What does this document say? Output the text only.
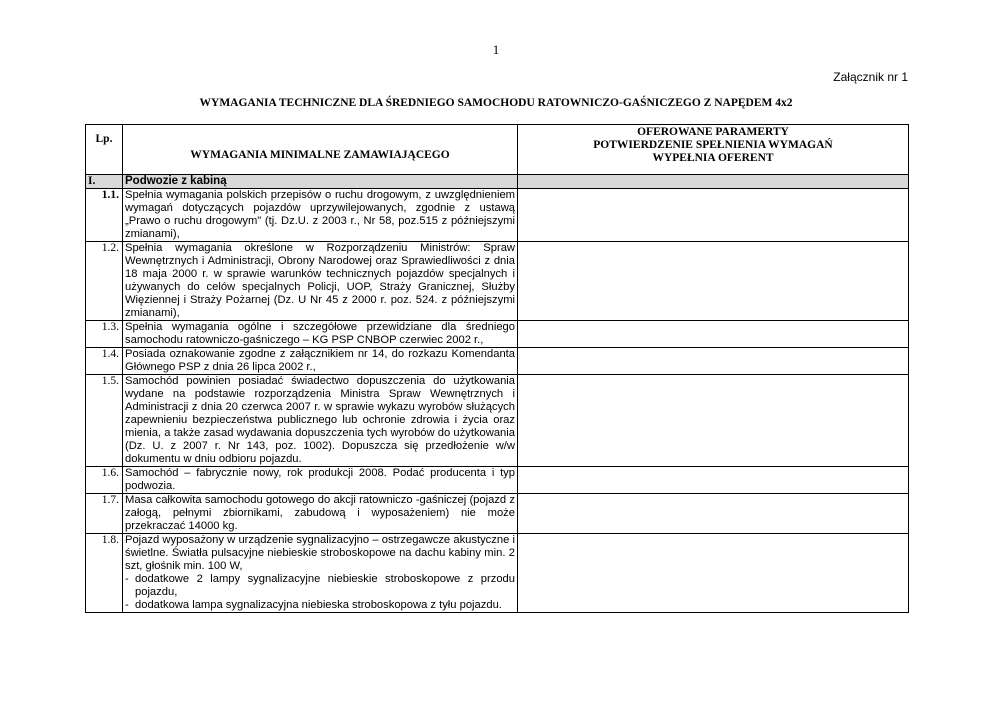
1
Załącznik nr 1
WYMAGANIA TECHNICZNE DLA ŚREDNIEGO SAMOCHODU RATOWNICZO-GAŚNICZEGO Z NAPĘDEM 4x2
Lp.	WYMAGANIA MINIMALNE ZAMAWIAJĄCEGO	OFEROWANE PARAMERTY
POTWIERDZENIE SPEŁNIENIA WYMAGAŃ
WYPEŁNIA OFERENT

I.	Podwozie z kabiną	
1.1.	Spełnia wymagania polskich przepisów o ruchu drogowym, z uwzględnieniem wymagań dotyczących pojazdów uprzywilejowanych, zgodnie z ustawą „Prawo o ruchu drogowym" (tj. Dz.U. z 2003 r., Nr 58, poz.515 z późniejszymi zmianami),	

1.2.	Spełnia wymagania określone w Rozporządzeniu Ministrów: Spraw Wewnętrznych i Administracji, Obrony Narodowej oraz Sprawiedliwości z dnia 18 maja 2000 r. w sprawie warunków technicznych pojazdów specjalnych i używanych do celów specjalnych Policji, UOP, Straży Granicznej, Służby Więziennej i Straży Pożarnej (Dz. U Nr 45 z 2000 r. poz. 524. z późniejszymi zmianami),	

1.3.	Spełnia wymagania ogólne i szczegółowe przewidziane dla średniego samochodu ratowniczo-gaśniczego – KG PSP CNBOP czerwiec 2002 r.,	

1.4.	Posiada oznakowanie zgodne z załącznikiem nr 14, do rozkazu Komendanta Głównego PSP z dnia 26 lipca 2002 r.,	

1.5.	Samochód powinien posiadać świadectwo dopuszczenia do użytkowania wydane na podstawie rozporządzenia Ministra Spraw Wewnętrznych i Administracji z dnia 20 czerwca 2007 r. w sprawie wykazu wyrobów służących zapewnieniu bezpieczeństwa publicznego lub ochronie zdrowia i życia oraz mienia, a także zasad wydawania dopuszczenia tych wyrobów do użytkowania (Dz. U. z 2007 r. Nr 143, poz. 1002). Dopuszcza się przedłożenie w/w dokumentu w dniu odbioru pojazdu.	

1.6.	Samochód – fabrycznie nowy, rok produkcji 2008. Podać producenta i typ podwozia.	

1.7.	Masa całkowita samochodu gotowego do akcji ratowniczo -gaśniczej (pojazd z załogą, pełnymi zbiornikami, zabudową i wyposażeniem) nie może przekraczać 14000 kg.	

1.8.	Pojazd wyposażony w urządzenie sygnalizacyjno – ostrzegawcze akustyczne i świetlne. Światła pulsacyjne niebieskie stroboskopowe na dachu kabiny min. 2 szt, głośnik min. 100 W,
- dodatkowe 2 lampy sygnalizacyjne niebieskie stroboskopowe z przodu pojazdu,
- dodatkowa lampa sygnalizacyjna niebieska stroboskopowa z tyłu pojazdu.	
